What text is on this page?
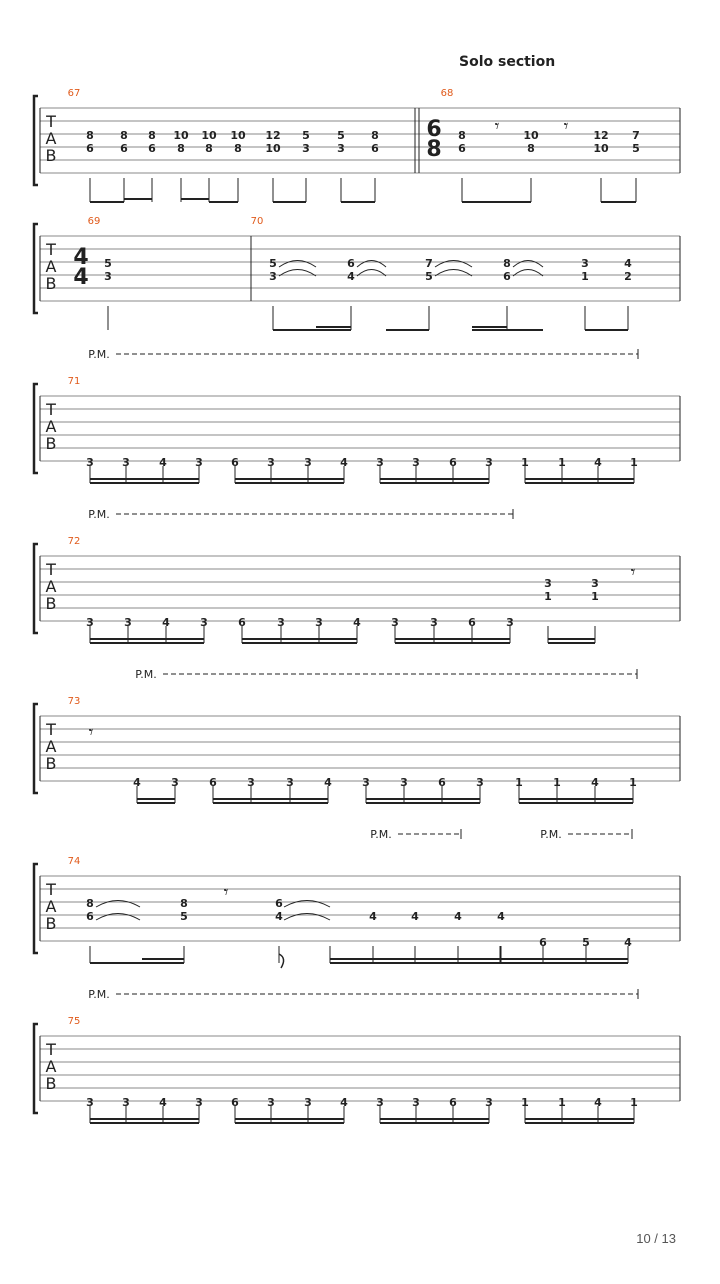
Solo section
T
A
B
67	68
8
6
8
6
8
6
10
8
10
8
10
8
12
10
5
3
5
3
8
6
6
8
8
6
𝄾 10
8
𝄾 12
10
7
5
T
A
B
69	70
4
4
5
3
5
3
6
4
7
5
8
6
3
1
4
2
T
A
B
71
P.M.
3	3	4	3	6	3	3	4	3	3	6	3	1	1	4	1
T
A
B
72
P.M.
3	3	4	3	6	3	3	4	3	3	6	3
3
1
3
1
𝄾
T
A
B
73
P.M.
𝄾
4	3	6	3	3	4	3	3	6	3	1	1	4	1
T
A
B
74
P.M.	P.M.
8
6
8
5
𝄾
6
4	4	4	4	4
6	5	4
T
A
B
75
P.M.
3	3	4	3	6	3	3	4	3	3	6	3	1	1	4	1
10 / 13
